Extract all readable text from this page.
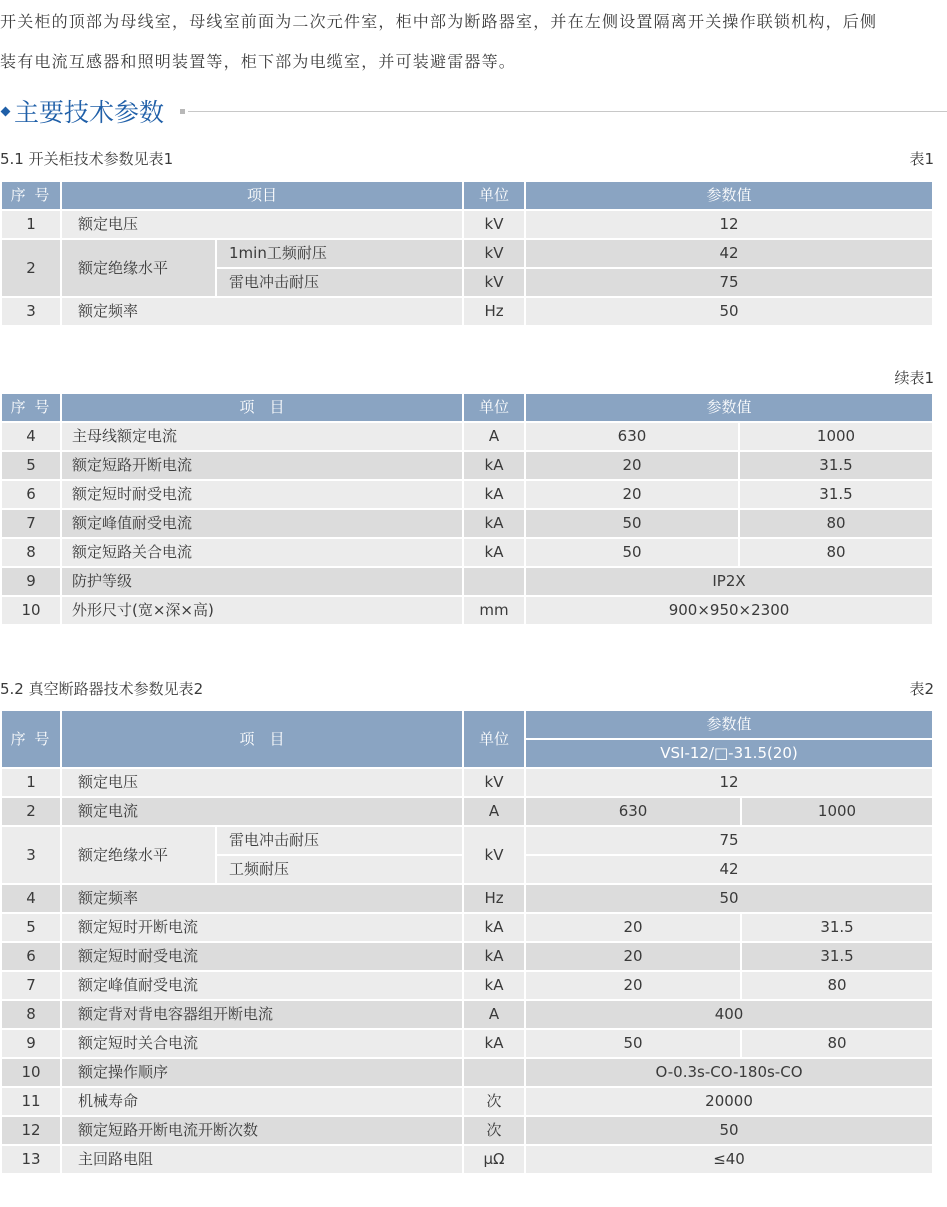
开关柜的顶部为母线室，母线室前面为二次元件室，柜中部为断路器室，并在左侧设置隔离开关操作联锁机构，后侧

装有电流互感器和照明装置等，柜下部为电缆室，并可装避雷器等。

主要技术参数
5.1 开关柜技术参数见表1	表1
序 号	项目		单位	参数值
1	额定电压		kV	12
2	额定绝缘水平	1min工频耐压	kV	42
		雷电冲击耐压	kV	75
3	额定频率		Hz	50
续表1
序 号	项　目	单位	参数值	
4	主母线额定电流	A	630	1000
5	额定短路开断电流	kA	20	31.5
6	额定短时耐受电流	kA	20	31.5
7	额定峰值耐受电流	kA	50	80
8	额定短路关合电流	kA	50	80
9	防护等级		IP2X	
10	外形尺寸(宽×深×高)	mm	900×950×2300	
5.2 真空断路器技术参数见表2	表2
序 号	项　目		单位	参数值	
				VSI-12/□-31.5(20)	
1	额定电压		kV	12	
2	额定电流		A	630	1000
3	额定绝缘水平	雷电冲击耐压	kV	75	
		工频耐压		42	
4	额定频率		Hz	50	
5	额定短时开断电流		kA	20	31.5
6	额定短时耐受电流		kA	20	31.5
7	额定峰值耐受电流		kA	20	80
8	额定背对背电容器组开断电流		A	400	
9	额定短时关合电流		kA	50	80
10	额定操作顺序			O-0.3s-CO-180s-CO	
11	机械寿命		次	20000	
12	额定短路开断电流开断次数		次	50	
13	主回路电阻		μΩ	≤40	
